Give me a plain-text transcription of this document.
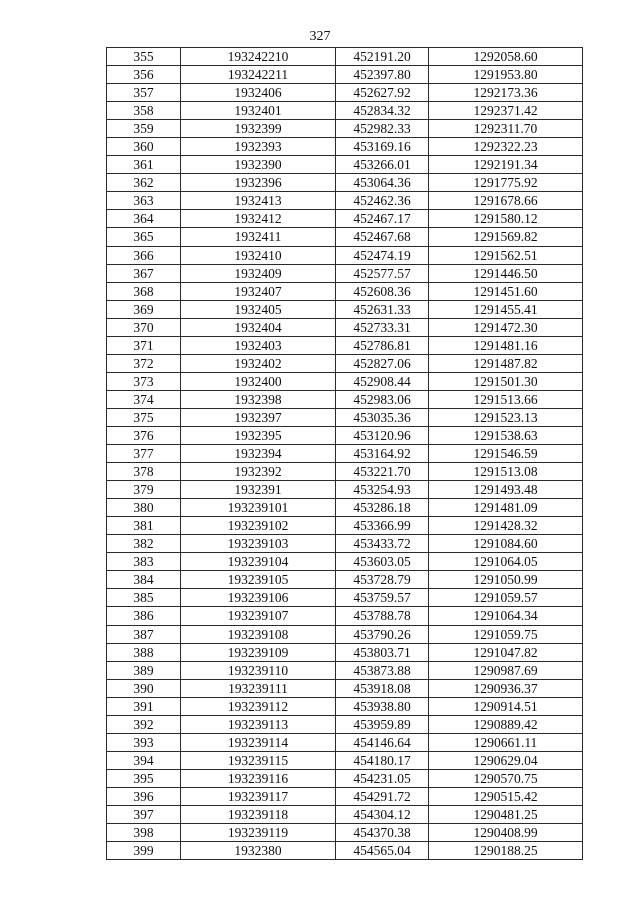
327
355	193242210	452191.20	1292058.60
356	193242211	452397.80	1291953.80
357	1932406	452627.92	1292173.36
358	1932401	452834.32	1292371.42
359	1932399	452982.33	1292311.70
360	1932393	453169.16	1292322.23
361	1932390	453266.01	1292191.34
362	1932396	453064.36	1291775.92
363	1932413	452462.36	1291678.66
364	1932412	452467.17	1291580.12
365	1932411	452467.68	1291569.82
366	1932410	452474.19	1291562.51
367	1932409	452577.57	1291446.50
368	1932407	452608.36	1291451.60
369	1932405	452631.33	1291455.41
370	1932404	452733.31	1291472.30
371	1932403	452786.81	1291481.16
372	1932402	452827.06	1291487.82
373	1932400	452908.44	1291501.30
374	1932398	452983.06	1291513.66
375	1932397	453035.36	1291523.13
376	1932395	453120.96	1291538.63
377	1932394	453164.92	1291546.59
378	1932392	453221.70	1291513.08
379	1932391	453254.93	1291493.48
380	193239101	453286.18	1291481.09
381	193239102	453366.99	1291428.32
382	193239103	453433.72	1291084.60
383	193239104	453603.05	1291064.05
384	193239105	453728.79	1291050.99
385	193239106	453759.57	1291059.57
386	193239107	453788.78	1291064.34
387	193239108	453790.26	1291059.75
388	193239109	453803.71	1291047.82
389	193239110	453873.88	1290987.69
390	193239111	453918.08	1290936.37
391	193239112	453938.80	1290914.51
392	193239113	453959.89	1290889.42
393	193239114	454146.64	1290661.11
394	193239115	454180.17	1290629.04
395	193239116	454231.05	1290570.75
396	193239117	454291.72	1290515.42
397	193239118	454304.12	1290481.25
398	193239119	454370.38	1290408.99
399	1932380	454565.04	1290188.25
